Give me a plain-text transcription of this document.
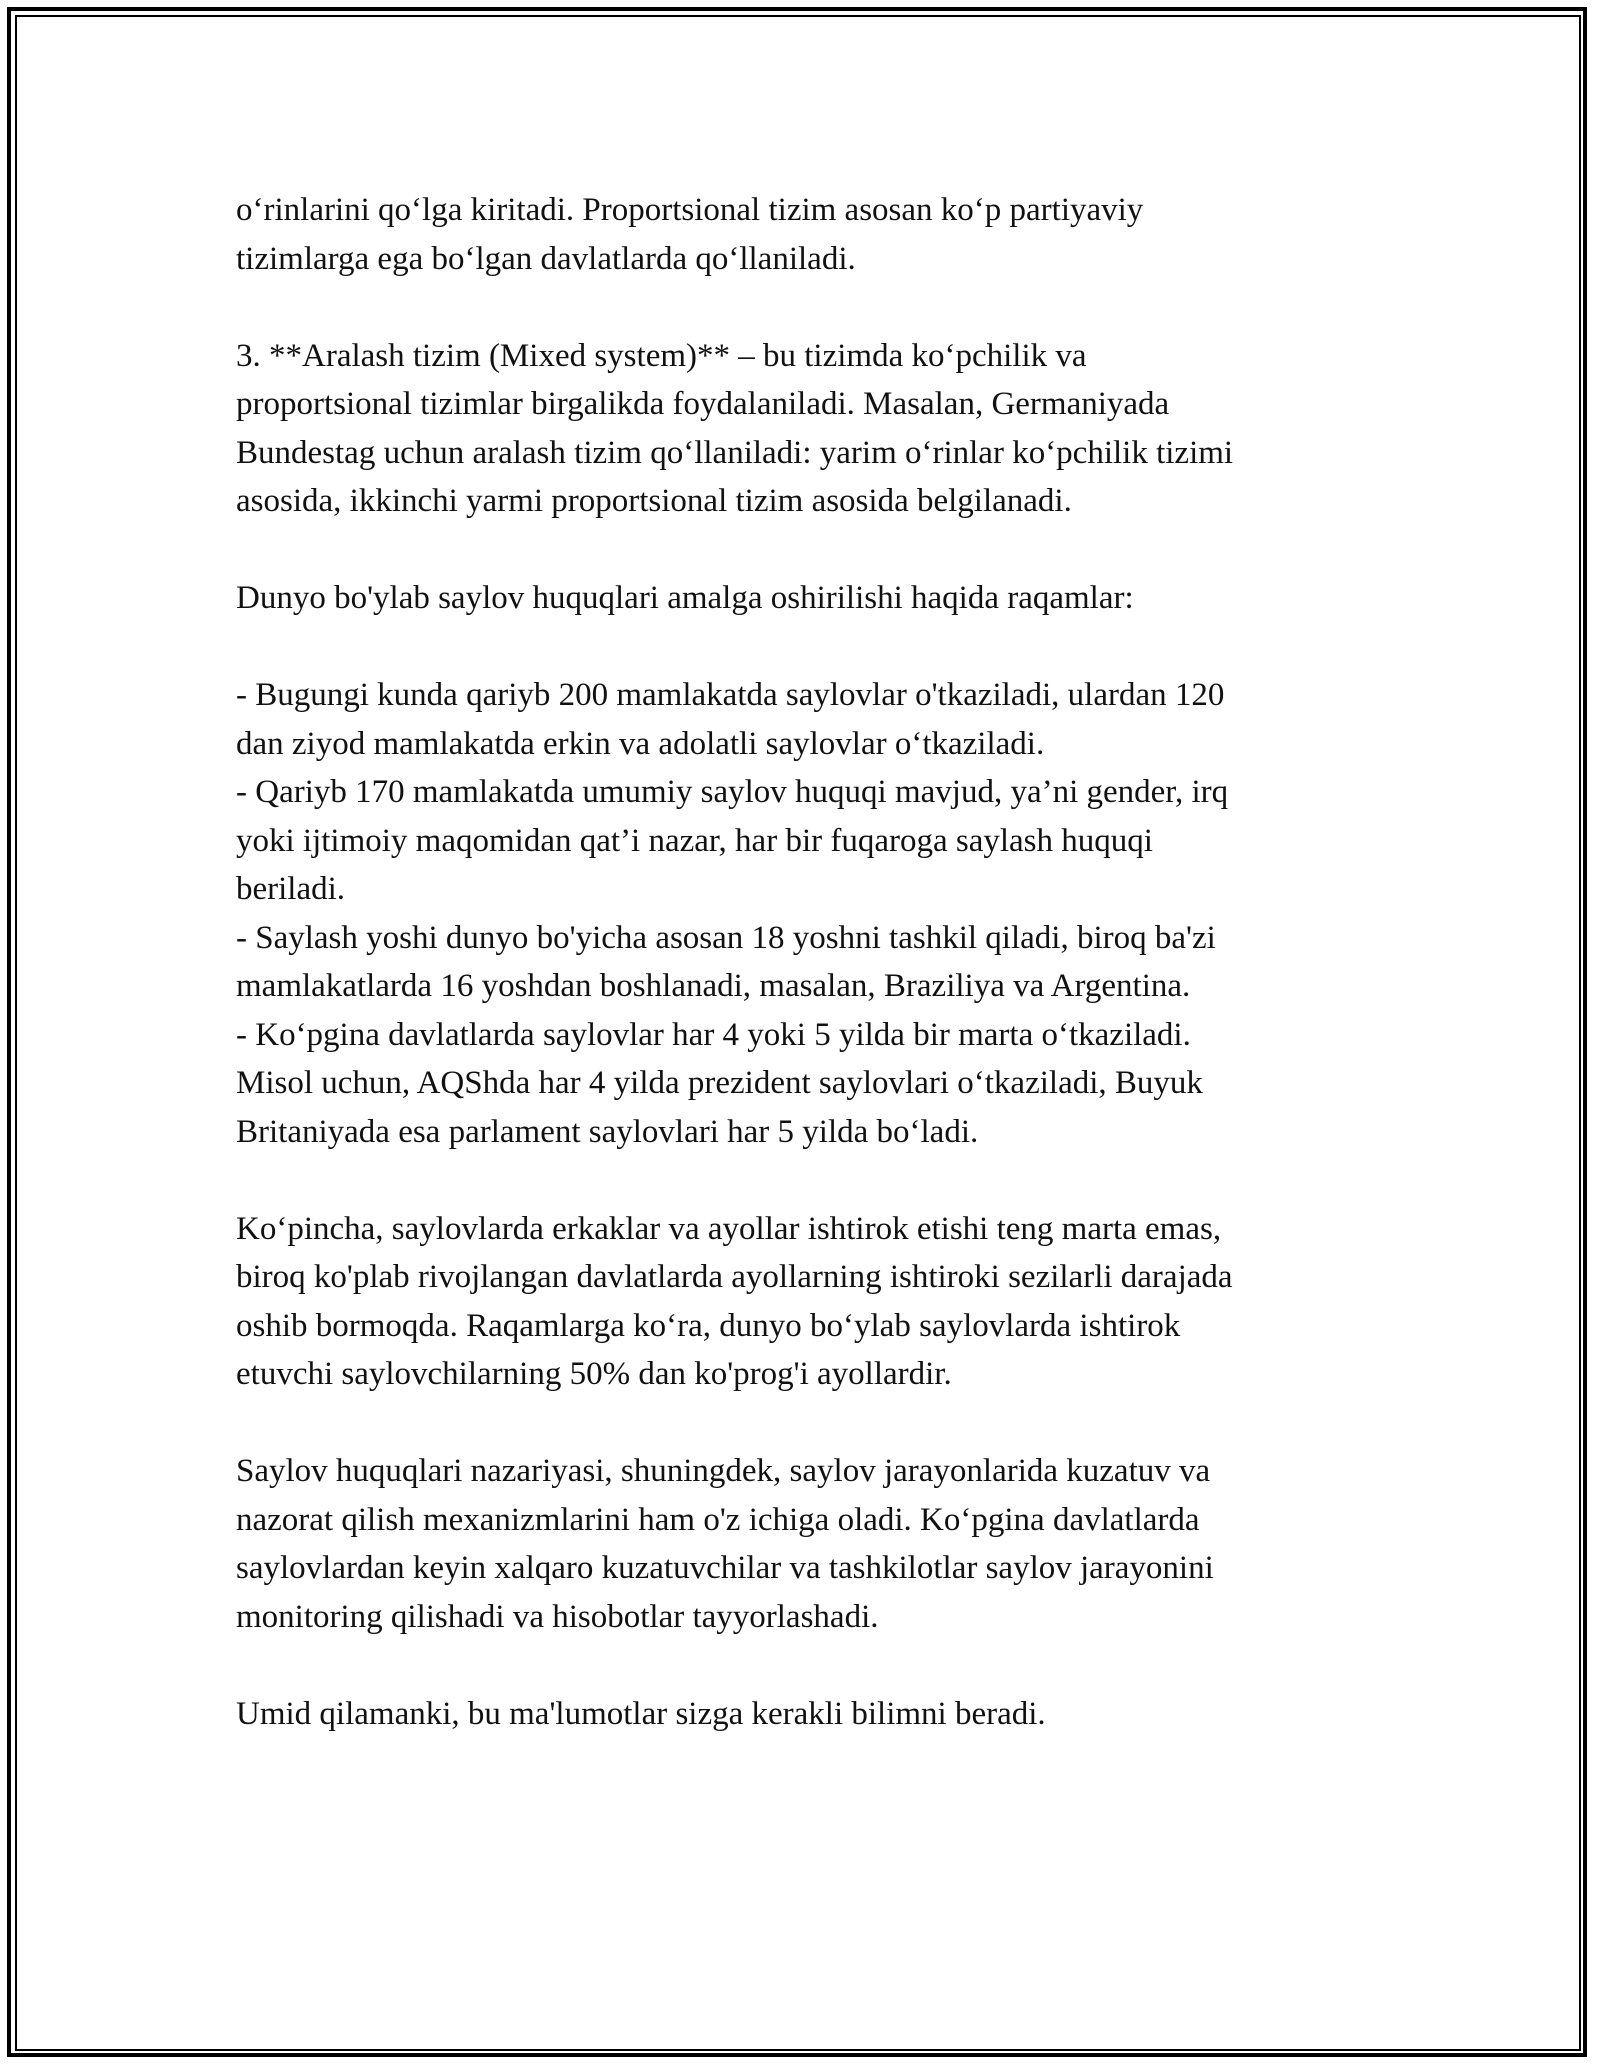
o‘rinlarini qo‘lga kiritadi. Proportsional tizim asosan ko‘p partiyaviy
tizimlarga ega bo‘lgan davlatlarda qo‘llaniladi.

3. **Aralash tizim (Mixed system)** – bu tizimda ko‘pchilik va
proportsional tizimlar birgalikda foydalaniladi. Masalan, Germaniyada
Bundestag uchun aralash tizim qo‘llaniladi: yarim o‘rinlar ko‘pchilik tizimi
asosida, ikkinchi yarmi proportsional tizim asosida belgilanadi.

Dunyo bo'ylab saylov huquqlari amalga oshirilishi haqida raqamlar:

- Bugungi kunda qariyb 200 mamlakatda saylovlar o'tkaziladi, ulardan 120
dan ziyod mamlakatda erkin va adolatli saylovlar o‘tkaziladi.
- Qariyb 170 mamlakatda umumiy saylov huquqi mavjud, ya’ni gender, irq
yoki ijtimoiy maqomidan qat’i nazar, har bir fuqaroga saylash huquqi
beriladi.
- Saylash yoshi dunyo bo'yicha asosan 18 yoshni tashkil qiladi, biroq ba'zi
mamlakatlarda 16 yoshdan boshlanadi, masalan, Braziliya va Argentina.
- Ko‘pgina davlatlarda saylovlar har 4 yoki 5 yilda bir marta o‘tkaziladi.
Misol uchun, AQShda har 4 yilda prezident saylovlari o‘tkaziladi, Buyuk
Britaniyada esa parlament saylovlari har 5 yilda bo‘ladi.

Ko‘pincha, saylovlarda erkaklar va ayollar ishtirok etishi teng marta emas,
biroq ko'plab rivojlangan davlatlarda ayollarning ishtiroki sezilarli darajada
oshib bormoqda. Raqamlarga ko‘ra, dunyo bo‘ylab saylovlarda ishtirok
etuvchi saylovchilarning 50% dan ko'prog'i ayollardir.

Saylov huquqlari nazariyasi, shuningdek, saylov jarayonlarida kuzatuv va
nazorat qilish mexanizmlarini ham o'z ichiga oladi. Ko‘pgina davlatlarda
saylovlardan keyin xalqaro kuzatuvchilar va tashkilotlar saylov jarayonini
monitoring qilishadi va hisobotlar tayyorlashadi.

Umid qilamanki, bu ma'lumotlar sizga kerakli bilimni beradi.
